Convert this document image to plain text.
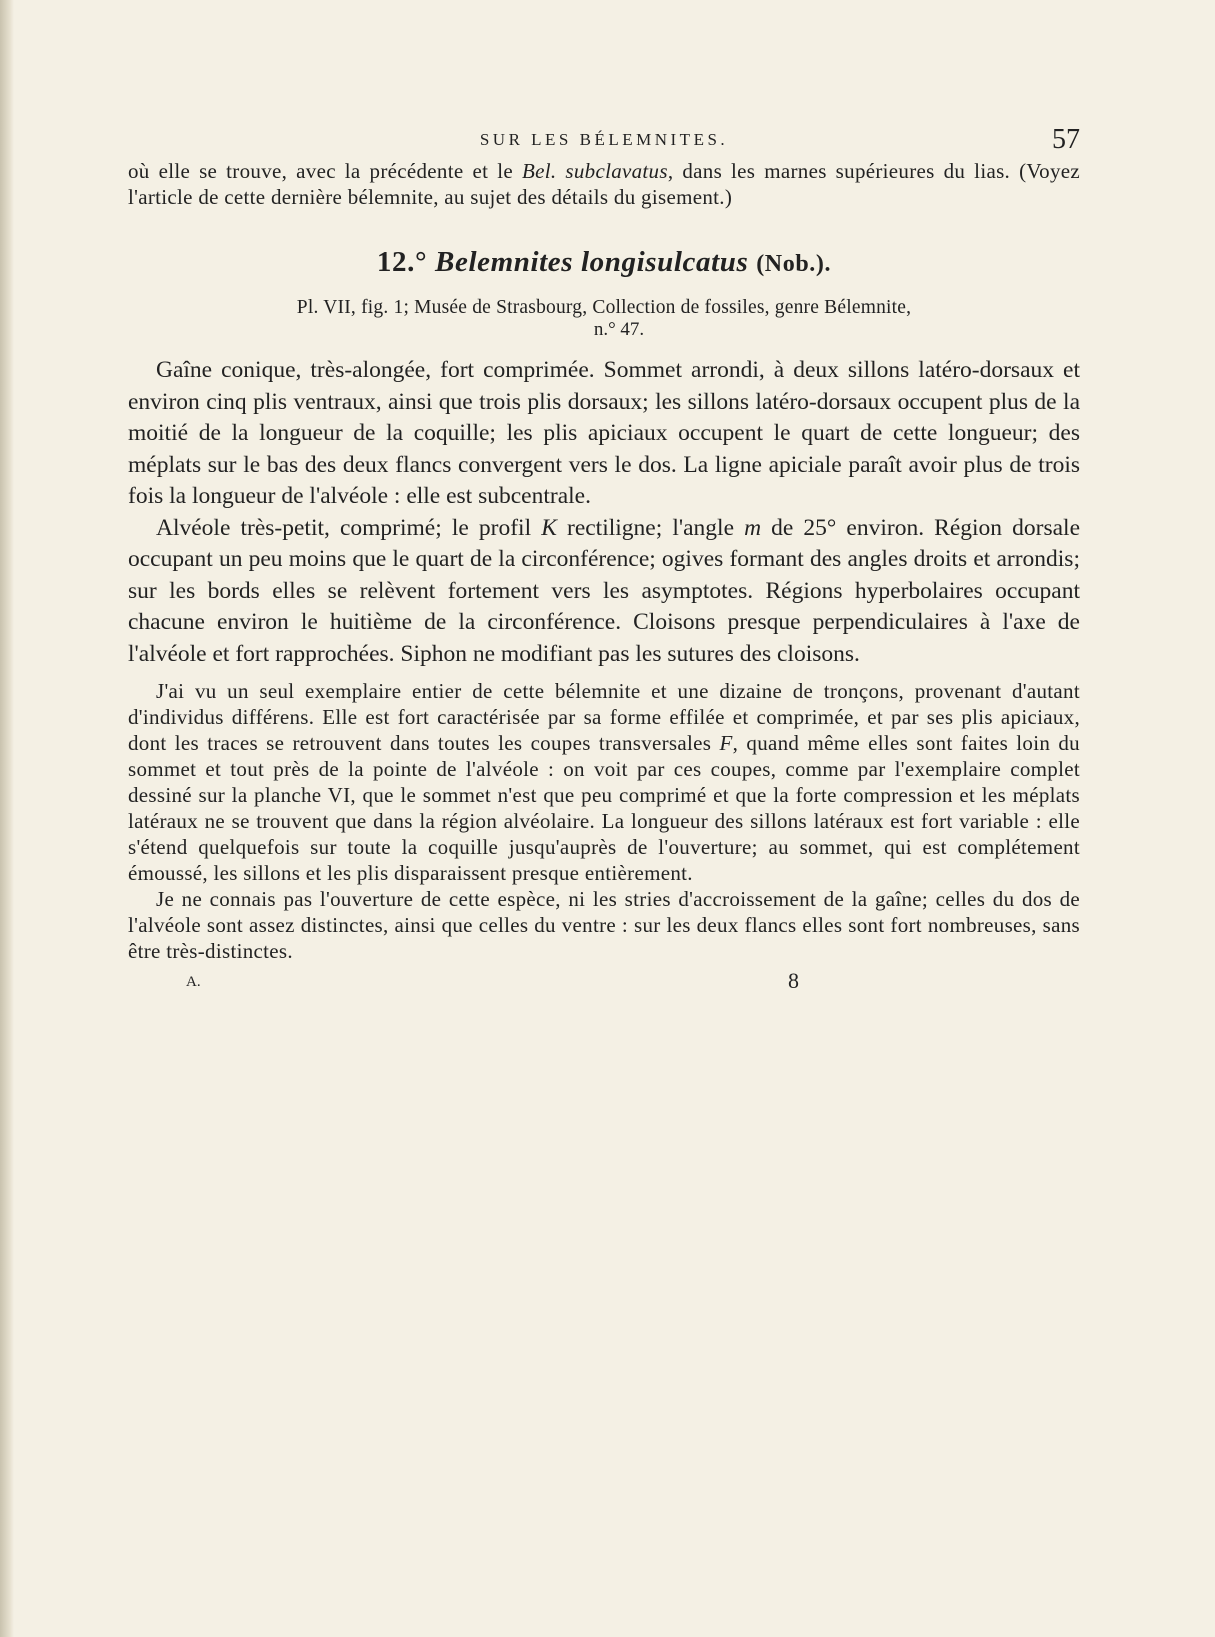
SUR LES BÉLEMNITES.	57

où elle se trouve, avec la précédente et le Bel. subclavatus, dans les marnes supérieures du lias. (Voyez l'article de cette dernière bélemnite, au sujet des détails du gisement.)

12.° Belemnites longisulcatus (Nob.).
Pl. VII, fig. 1; Musée de Strasbourg, Collection de fossiles, genre Bélemnite,
n.° 47.

Gaîne conique, très-alongée, fort comprimée. Sommet arrondi, à deux sillons latéro-dorsaux et environ cinq plis ventraux, ainsi que trois plis dorsaux; les sillons latéro-dorsaux occupent plus de la moitié de la longueur de la coquille; les plis apiciaux occupent le quart de cette longueur; des méplats sur le bas des deux flancs convergent vers le dos. La ligne apiciale paraît avoir plus de trois fois la longueur de l'alvéole : elle est subcentrale.

Alvéole très-petit, comprimé; le profil K rectiligne; l'angle m de 25° environ. Région dorsale occupant un peu moins que le quart de la circonférence; ogives formant des angles droits et arrondis; sur les bords elles se relèvent fortement vers les asymptotes. Régions hyperbolaires occupant chacune environ le huitième de la circonférence. Cloisons presque perpendiculaires à l'axe de l'alvéole et fort rapprochées. Siphon ne modifiant pas les sutures des cloisons.

J'ai vu un seul exemplaire entier de cette bélemnite et une dizaine de tronçons, provenant d'autant d'individus différens. Elle est fort caractérisée par sa forme effilée et comprimée, et par ses plis apiciaux, dont les traces se retrouvent dans toutes les coupes transversales F, quand même elles sont faites loin du sommet et tout près de la pointe de l'alvéole : on voit par ces coupes, comme par l'exemplaire complet dessiné sur la planche VI, que le sommet n'est que peu comprimé et que la forte compression et les méplats latéraux ne se trouvent que dans la région alvéolaire. La longueur des sillons latéraux est fort variable : elle s'étend quelquefois sur toute la coquille jusqu'auprès de l'ouverture; au sommet, qui est complétement émoussé, les sillons et les plis disparaissent presque entièrement.

Je ne connais pas l'ouverture de cette espèce, ni les stries d'accroissement de la gaîne; celles du dos de l'alvéole sont assez distinctes, ainsi que celles du ventre : sur les deux flancs elles sont fort nombreuses, sans être très-distinctes.

A.	8
